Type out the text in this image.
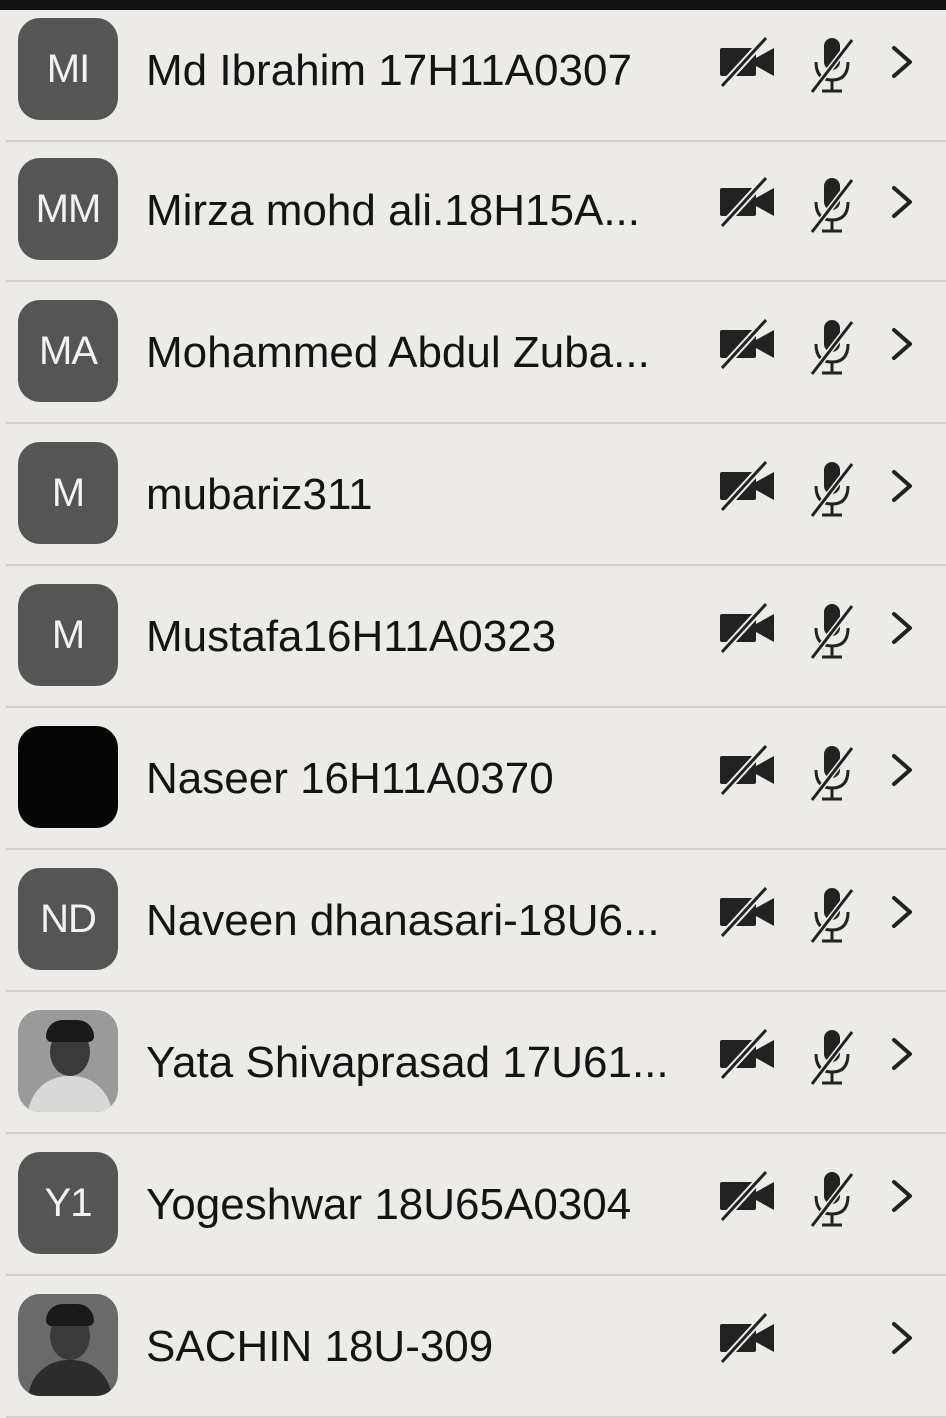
MI Md Ibrahim 17H11A0307
MM Mirza mohd ali.18H15A...
MA Mohammed Abdul Zuba...
M mubariz311
M Mustafa16H11A0323
Naseer 16H11A0370
ND Naveen dhanasari-18U6...
Yata Shivaprasad 17U61...
Y1 Yogeshwar 18U65A0304
SACHIN 18U-309
